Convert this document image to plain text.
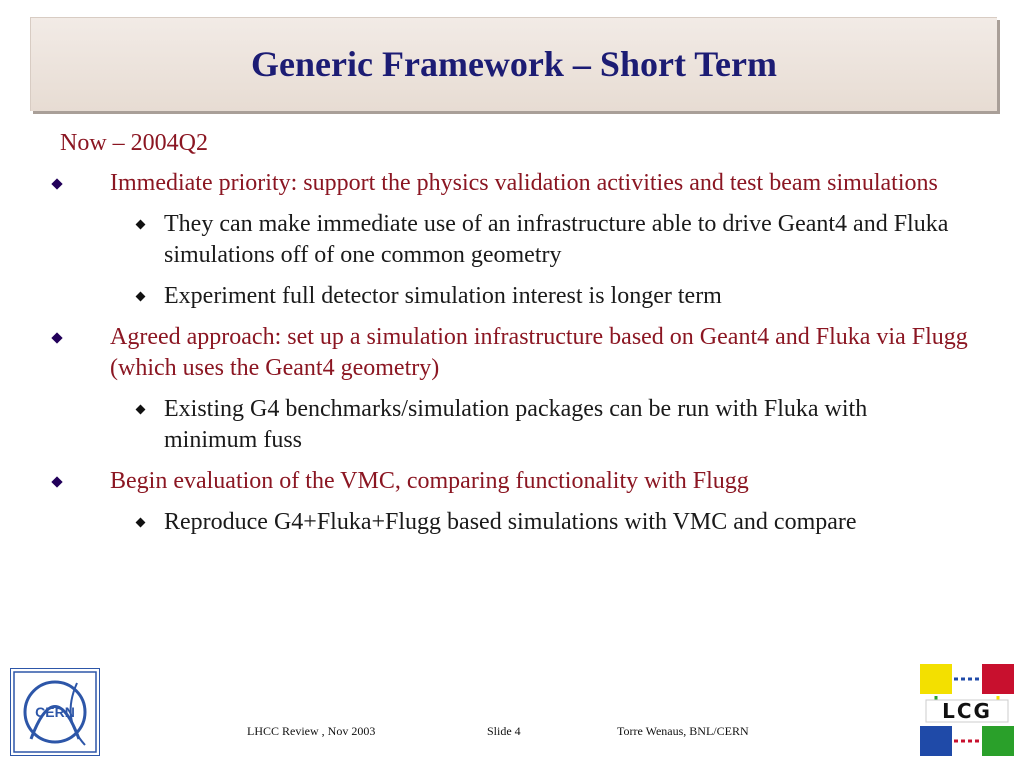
Generic Framework – Short Term
Now – 2004Q2
Immediate priority: support the physics validation activities and test beam simulations
They can make immediate use of an infrastructure able to drive Geant4 and Fluka simulations off of one common geometry
Experiment full detector simulation interest is longer term
Agreed approach: set up a simulation infrastructure based on Geant4 and Fluka via Flugg (which uses the Geant4 geometry)
Existing G4 benchmarks/simulation packages can be run with Fluka with minimum fuss
Begin evaluation of the VMC, comparing functionality with Flugg
Reproduce G4+Fluka+Flugg based simulations with VMC and compare
CERN
LHCC Review , Nov 2003	Slide 4	Torre Wenaus, BNL/CERN
LCG
